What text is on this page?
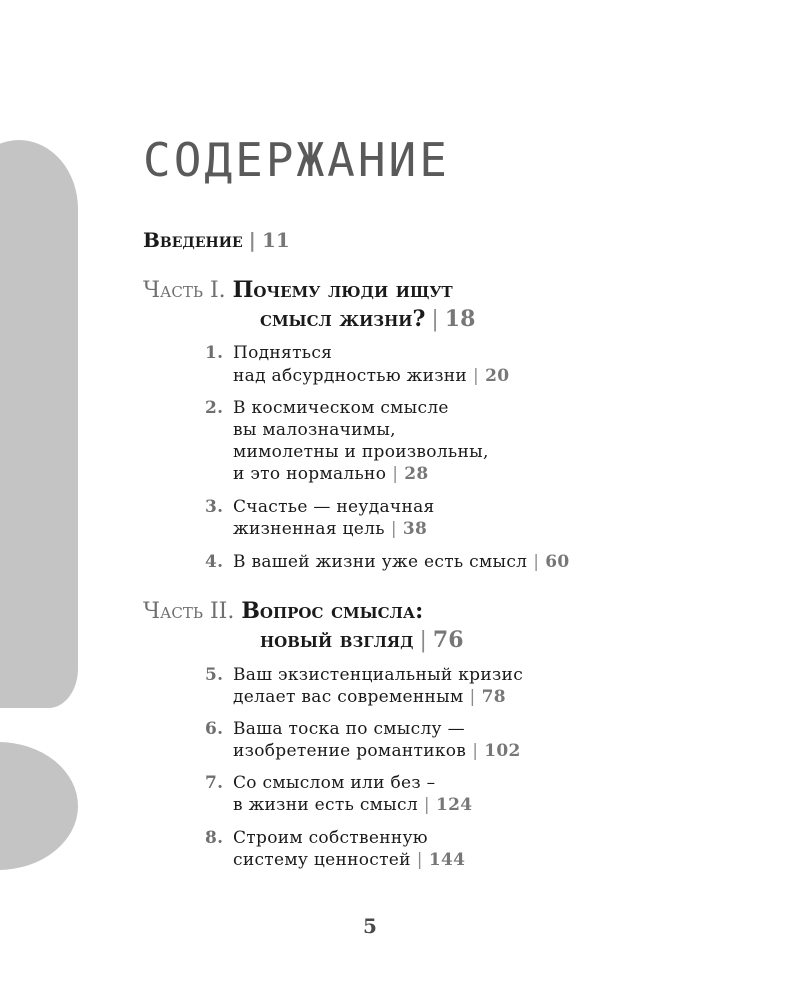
СОДЕРЖАНИЕ
Введение | 11
Часть I. Почему люди ищут
смысл жизни? | 18
1. Подняться
над абсурдностью жизни | 20
2. В космическом смысле
вы малозначимы,
мимолетны и произвольны,
и это нормально | 28
3. Счастье — неудачная
жизненная цель | 38
4. В вашей жизни уже есть смысл | 60
Часть II. Вопрос смысла:
новый взгляд | 76
5. Ваш экзистенциальный кризис
делает вас современным | 78
6. Ваша тоска по смыслу —
изобретение романтиков | 102
7. Со смыслом или без –
в жизни есть смысл | 124
8. Строим собственную
систему ценностей | 144
5
